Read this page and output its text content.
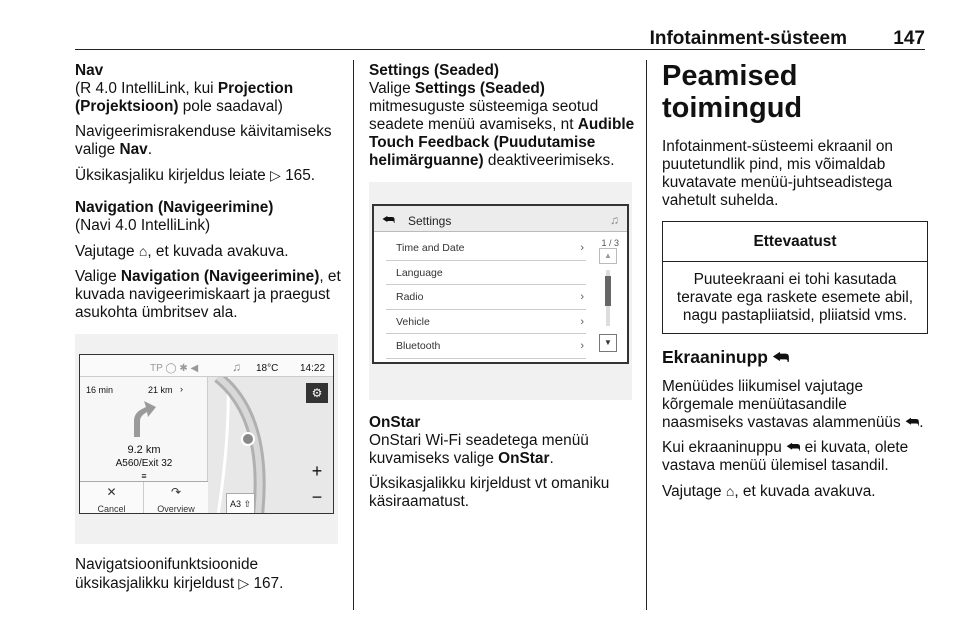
Infotainment-süsteem 147

Nav
(R 4.0 IntelliLink, kui Projection (Projektsioon) pole saadaval)

Navigeerimisrakenduse käivitamiseks valige Nav.

Üksikasjaliku kirjeldus leiate ▷ 165.

Navigation (Navigeerimine)
(Navi 4.0 IntelliLink)

Vajutage ⌂, et kuvada avakuva.

Valige Navigation (Navigeerimine), et kuvada navigeerimiskaart ja praegust asukohta ümbritsev ala.

TP ◯ ✱ ◀	♫ 18°C 14:22
16 min	21 km ›
9.2 km
A560/Exit 32
≡
⚙
+
−
A3 ⇧
✕
Cancel
↷
Overview

Navigatsioonifunktsioonide üksikasjalikku kirjeldust ▷ 167.

Settings (Seaded)
Valige Settings (Seaded) mitmesuguste süsteemiga seotud seadete menüü avamiseks, nt Audible Touch Feedback (Puudutamise helimärguanne) deaktiveerimiseks.

⮪ Settings	♫
Time and Date	›
Language
Radio	›
Vehicle	›
Bluetooth	›
1 / 3
▲
▼

OnStar
OnStari Wi-Fi seadetega menüü kuvamiseks valige OnStar.

Üksikasjalikku kirjeldust vt omaniku käsiraamatust.

Peamised toimingud

Infotainment-süsteemi ekraanil on puutetundlik pind, mis võimaldab kuvatavate menüü-juhtseadistega vahetult suhelda.

Ettevaatust
Puuteekraani ei tohi kasutada teravate ega raskete esemete abil, nagu pastapliiatsid, pliiatsid vms.
Ekraaninupp ⮪

Menüüdes liikumisel vajutage kõrgemale menüütasandile naasmiseks vastavas alammenüüs ⮪.

Kui ekraaninuppu ⮪ ei kuvata, olete vastava menüü ülemisel tasandil.

Vajutage ⌂, et kuvada avakuva.
